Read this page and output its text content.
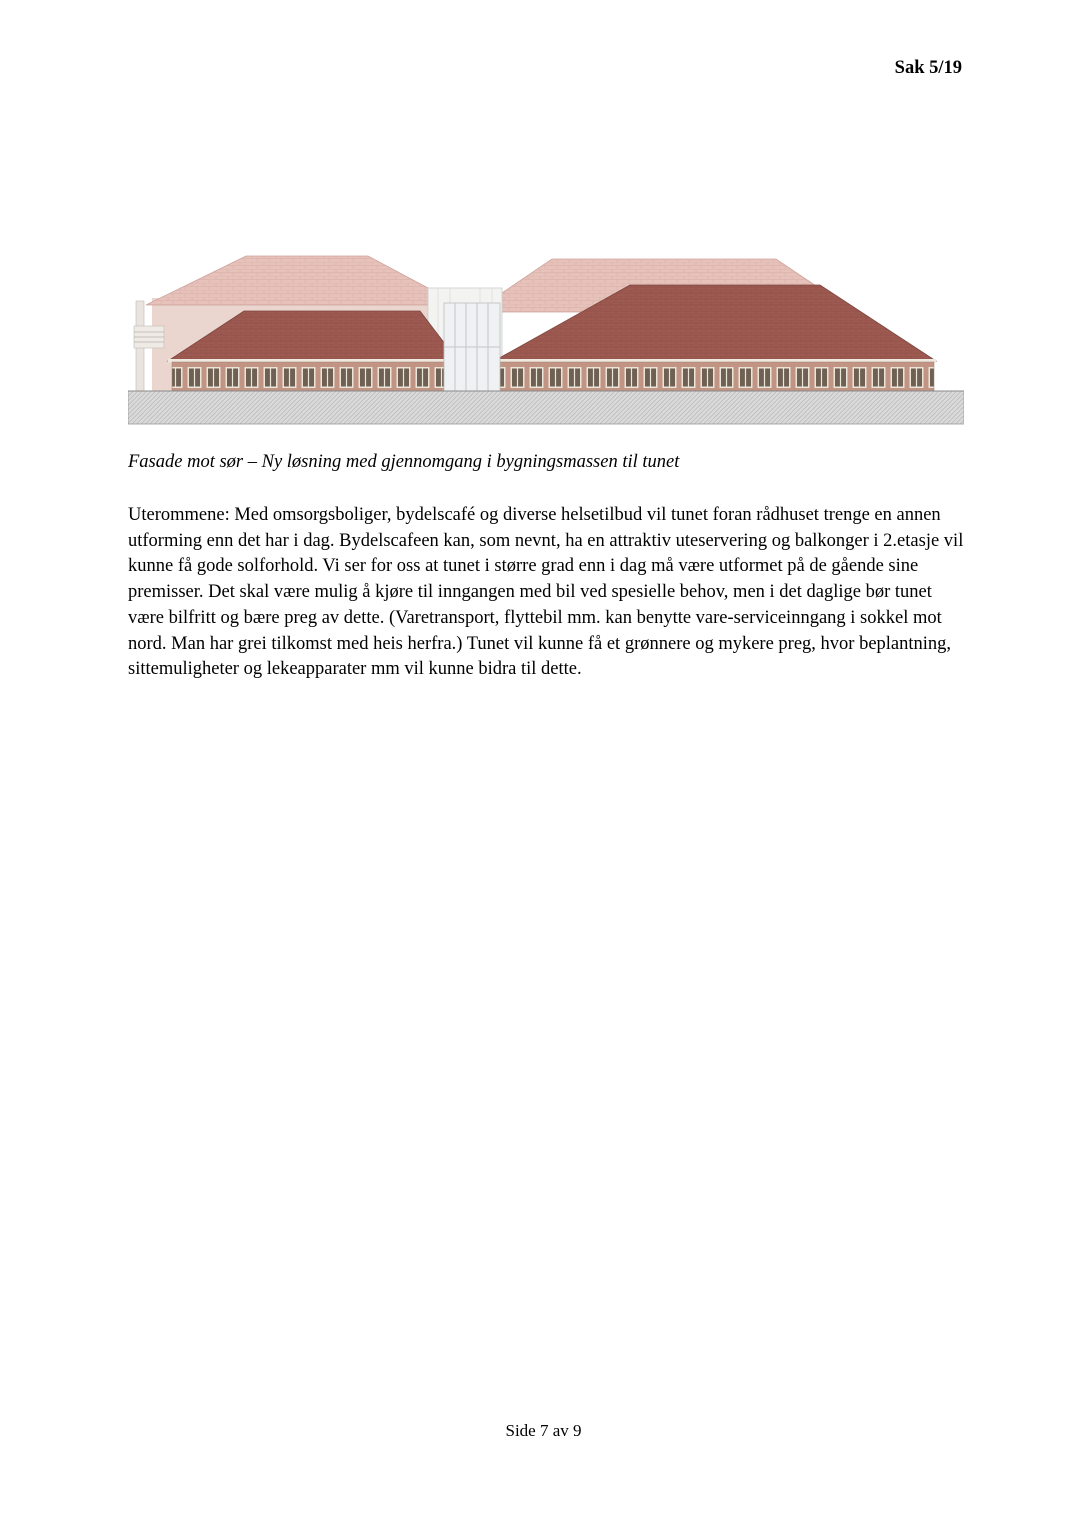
Sak 5/19
Fasade mot sør – Ny løsning med gjennomgang i bygningsmassen til tunet
Uterommene: Med omsorgsboliger, bydelscafé og diverse helsetilbud vil tunet foran rådhuset trenge en annen utforming enn det har i dag. Bydelscafeen kan, som nevnt, ha en attraktiv uteservering og balkonger i 2.etasje vil kunne få gode solforhold. Vi ser for oss at tunet i større grad enn i dag må være utformet på de gående sine premisser. Det skal være mulig å kjøre til inngangen med bil ved spesielle behov, men i det daglige bør tunet være bilfritt og bære preg av dette. (Varetransport, flyttebil mm. kan benytte vare-serviceinngang i sokkel mot nord. Man har grei tilkomst med heis herfra.) Tunet vil kunne få et grønnere og mykere preg, hvor beplantning, sittemuligheter og lekeapparater mm vil kunne bidra til dette.
Side 7 av 9
